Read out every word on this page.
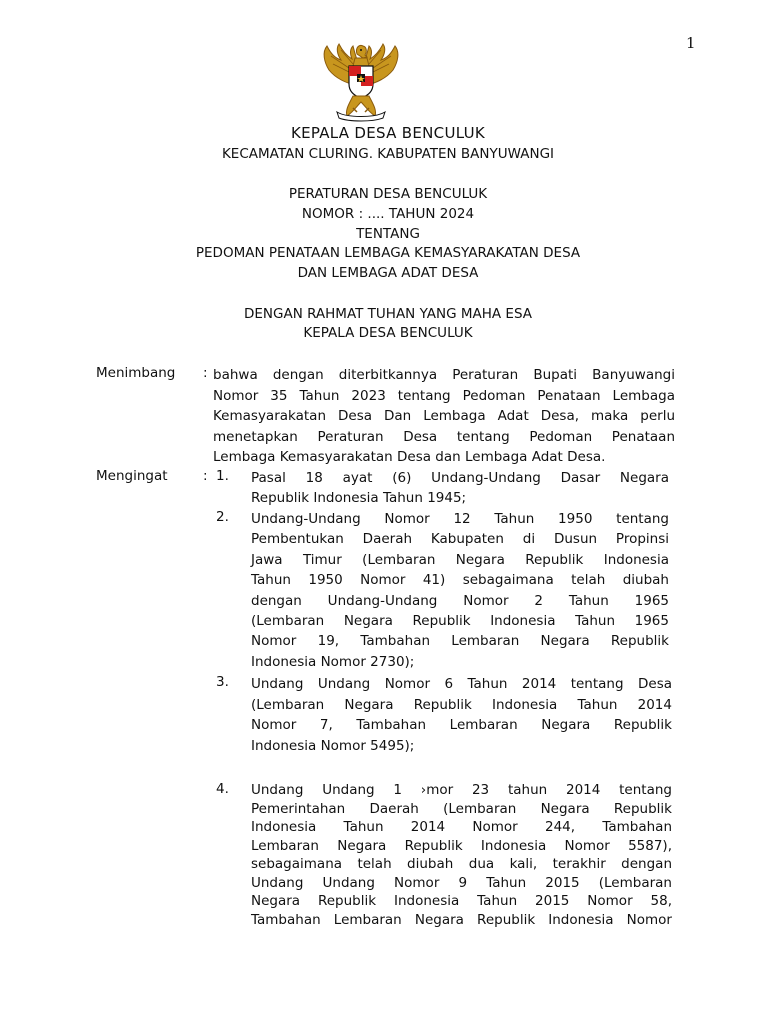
1
KEPALA DESA BENCULUK
KECAMATAN CLURING. KABUPATEN BANYUWANGI
PERATURAN DESA BENCULUK
NOMOR : .... TAHUN 2024
TENTANG
PEDOMAN PENATAAN LEMBAGA KEMASYARAKATAN DESA
DAN LEMBAGA ADAT DESA
DENGAN RAHMAT TUHAN YANG MAHA ESA
KEPALA DESA BENCULUK
Menimbang : bahwa dengan diterbitkannya Peraturan Bupati Banyuwangi
Nomor 35 Tahun 2023 tentang Pedoman Penataan Lembaga
Kemasyarakatan Desa Dan Lembaga Adat Desa, maka perlu
menetapkan Peraturan Desa tentang Pedoman Penataan
Lembaga Kemasyarakatan Desa dan Lembaga Adat Desa.
Mengingat	: 1. Pasal 18 ayat (6) Undang-Undang Dasar Negara
Republik Indonesia Tahun 1945;
2. Undang-Undang Nomor 12 Tahun 1950 tentang
Pembentukan Daerah Kabupaten di Dusun Propinsi
Jawa Timur (Lembaran Negara Republik Indonesia
Tahun 1950 Nomor 41) sebagaimana telah diubah
dengan Undang-Undang Nomor 2 Tahun 1965
(Lembaran Negara Republik Indonesia Tahun 1965
Nomor 19, Tambahan Lembaran Negara Republik
Indonesia Nomor 2730);
3. Undang Undang Nomor 6 Tahun 2014 tentang Desa
(Lembaran Negara Republik Indonesia Tahun 2014
Nomor 7, Tambahan Lembaran Negara Republik
Indonesia Nomor 5495);
4. Undang Undang 1 ›mor 23 tahun 2014 tentang
Pemerintahan Daerah (Lembaran Negara Republik
Indonesia Tahun 2014 Nomor 244, Tambahan
Lembaran Negara Republik Indonesia Nomor 5587),
sebagaimana telah diubah dua kali, terakhir dengan
Undang Undang Nomor 9 Tahun 2015 (Lembaran
Negara Republik Indonesia Tahun 2015 Nomor 58,
Tambahan Lembaran Negara Republik Indonesia Nomor
